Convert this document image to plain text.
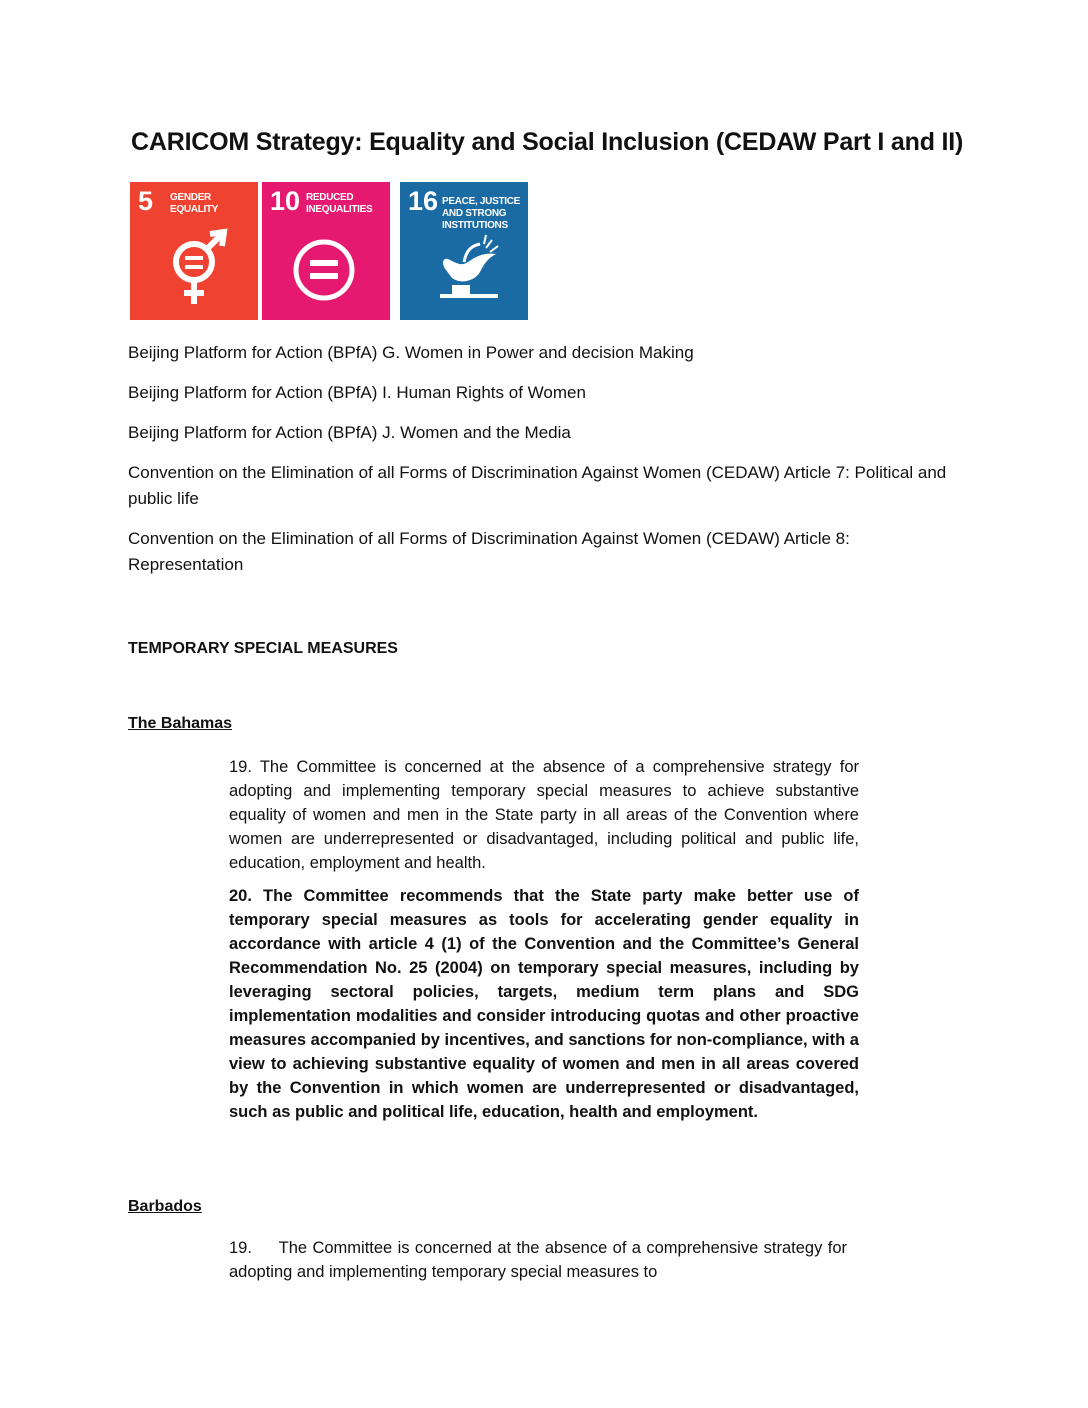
CARICOM Strategy: Equality and Social Inclusion (CEDAW Part I and II)
5 GENDER
EQUALITY 10 REDUCED
INEQUALITIES 16 PEACE, JUSTICE
AND STRONG
INSTITUTIONS

Beijing Platform for Action (BPfA) G. Women in Power and decision Making

Beijing Platform for Action (BPfA) I. Human Rights of Women

Beijing Platform for Action (BPfA) J. Women and the Media

Convention on the Elimination of all Forms of Discrimination Against Women (CEDAW) Article 7: Political and public life

Convention on the Elimination of all Forms of Discrimination Against Women (CEDAW) Article 8: Representation

TEMPORARY SPECIAL MEASURES

The Bahamas

19. The Committee is concerned at the absence of a comprehensive strategy for adopting and implementing temporary special measures to achieve substantive equality of women and men in the State party in all areas of the Convention where women are underrepresented or disadvantaged, including political and public life, education, employment and health.

20. The Committee recommends that the State party make better use of temporary special measures as tools for accelerating gender equality in accordance with article 4 (1) of the Convention and the Committee’s General Recommendation No. 25 (2004) on temporary special measures, including by leveraging sectoral policies, targets, medium term plans and SDG implementation modalities and consider introducing quotas and other proactive measures accompanied by incentives, and sanctions for non-compliance, with a view to achieving substantive equality of women and men in all areas covered by the Convention in which women are underrepresented or disadvantaged, such as public and political life, education, health and employment.

Barbados

19.     The Committee is concerned at the absence of a comprehensive strategy for adopting and implementing temporary special measures to
